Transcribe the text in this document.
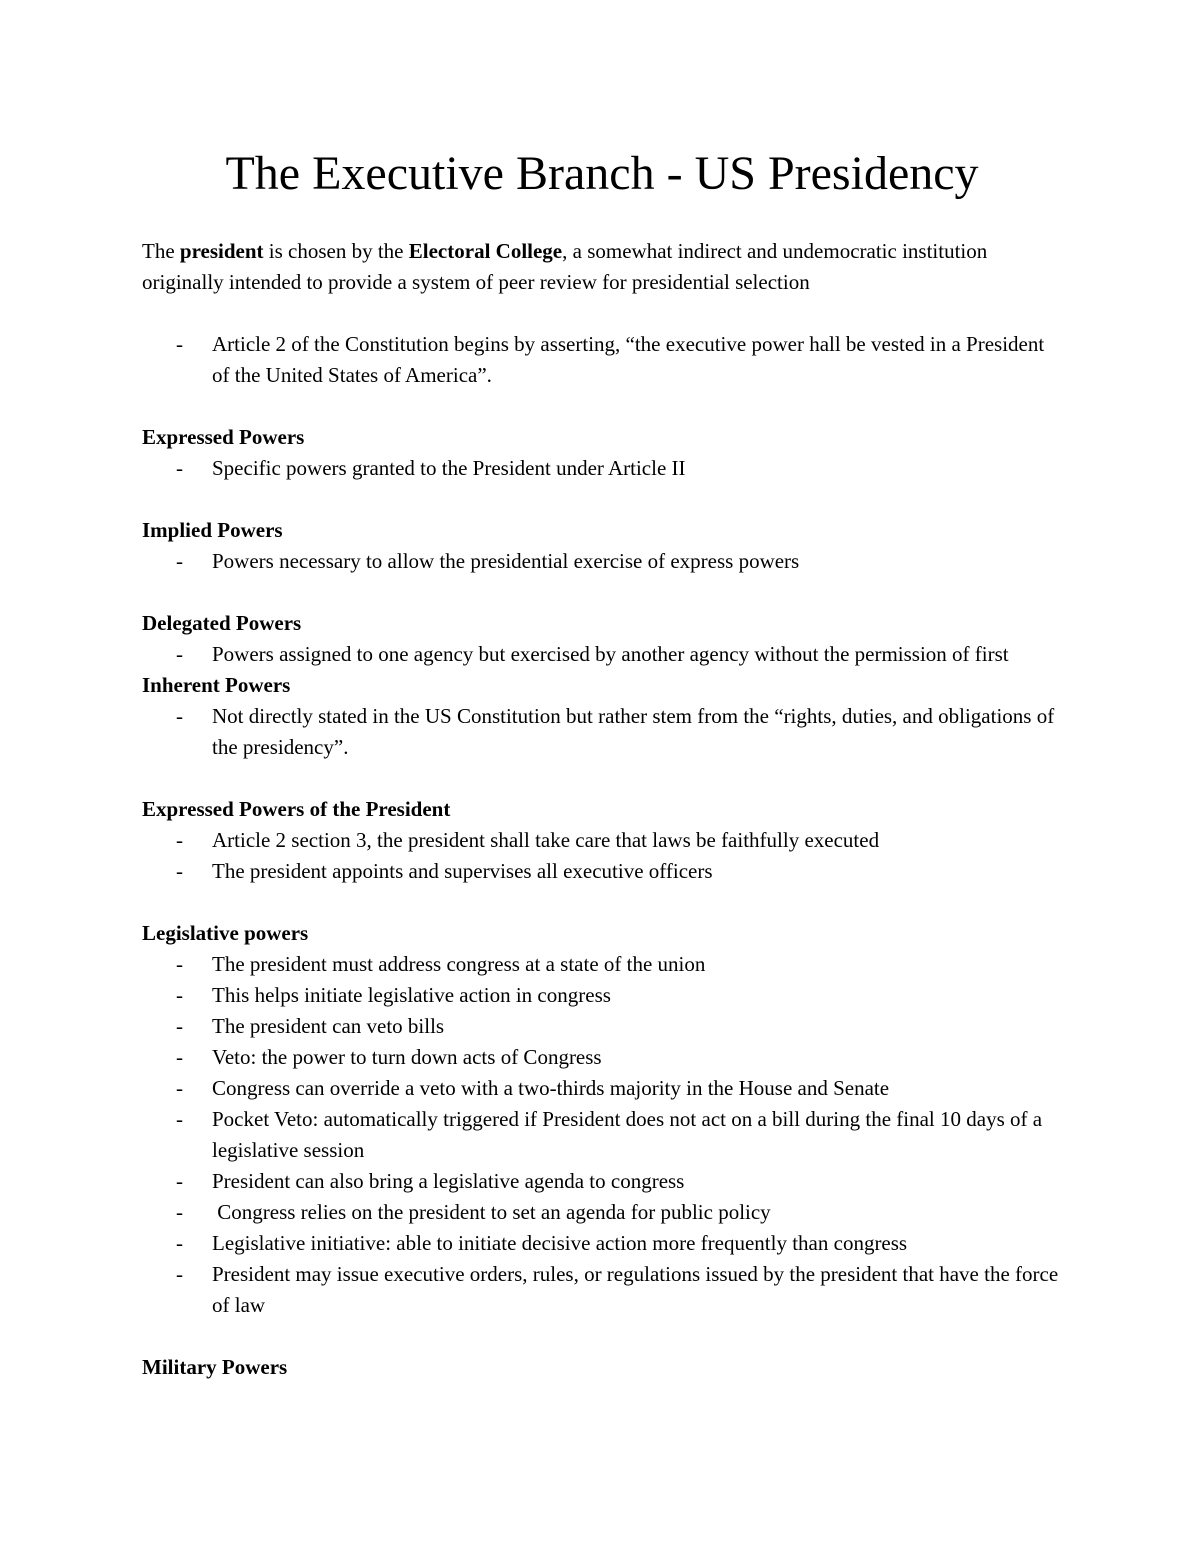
The Executive Branch - US Presidency

The president is chosen by the Electoral College, a somewhat indirect and undemocratic institution originally intended to provide a system of peer review for presidential selection

- Article 2 of the Constitution begins by asserting, “the executive power hall be vested in a President of the United States of America”.
Expressed Powers
- Specific powers granted to the President under Article II
Implied Powers
- Powers necessary to allow the presidential exercise of express powers
Delegated Powers
- Powers assigned to one agency but exercised by another agency without the permission of first
Inherent Powers
- Not directly stated in the US Constitution but rather stem from the “rights, duties, and obligations of the presidency”.
Expressed Powers of the President
- Article 2 section 3, the president shall take care that laws be faithfully executed
- The president appoints and supervises all executive officers
Legislative powers
- The president must address congress at a state of the union
- This helps initiate legislative action in congress
- The president can veto bills
- Veto: the power to turn down acts of Congress
- Congress can override a veto with a two-thirds majority in the House and Senate
- Pocket Veto: automatically triggered if President does not act on a bill during the final 10 days of a legislative session
- President can also bring a legislative agenda to congress
- Congress relies on the president to set an agenda for public policy
- Legislative initiative: able to initiate decisive action more frequently than congress
- President may issue executive orders, rules, or regulations issued by the president that have the force of law
Military Powers
